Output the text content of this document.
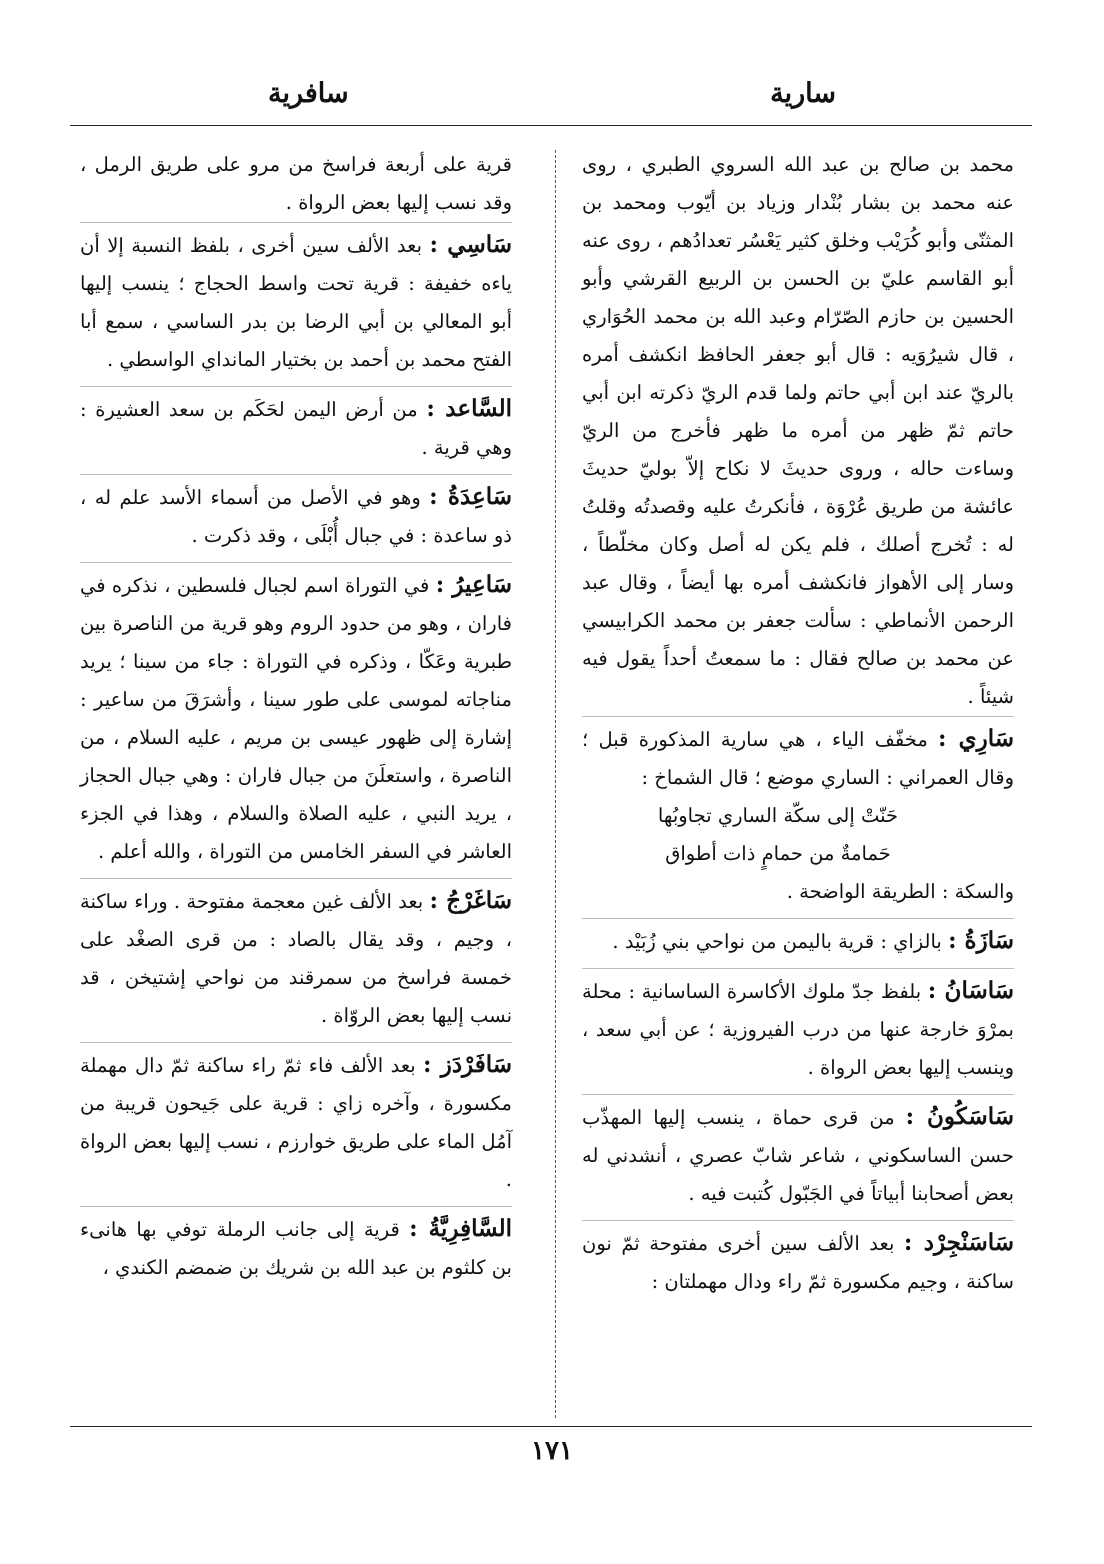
سارية
سافرية

محمد بن صالح بن عبد الله السروي الطبري ، روى عنه محمد بن بشار بُنْدار وزياد بن أيّوب ومحمد بن المثنّى وأبو كُرَيْب وخلق كثير يَعْسُر تعدادُهم ، روى عنه أبو القاسم عليّ بن الحسن بن الربيع القرشي وأبو الحسين بن حازم الصّرّام وعبد الله بن محمد الحُوَاري ، قال شيرُوَيه : قال أبو جعفر الحافظ انكشف أمره بالريّ عند ابن أبي حاتم ولما قدم الريّ ذكرته ابن أبي حاتم ثمّ ظهر من أمره ما ظهر فأخرج من الريّ وساءت حاله ، وروى حديثَ لا نكاح إلاّ بوليّ حديثَ عائشة من طريق عُرْوَة ، فأنكرتُ عليه وقصدتُه وقلتُ له : تُخرج أصلك ، فلم يكن له أصل وكان مخلّطاً ، وسار إلى الأهواز فانكشف أمره بها أيضاً ، وقال عبد الرحمن الأنماطي : سألت جعفر بن محمد الكرابيسي عن محمد بن صالح فقال : ما سمعتُ أحداً يقول فيه شيئاً .

سَارِي : مخفّف الياء ، هي سارية المذكورة قبل ؛ وقال العمراني : الساري موضع ؛ قال الشماخ :

حَنّتْ إلى سكّة الساري تجاوبُها

حَمامةٌ من حمامٍ ذات أطواق

والسكة : الطريقة الواضحة .

سَازَةُ : بالزاي : قرية باليمن من نواحي بني زُبَيْد .
سَاسَانُ : بلفظ جدّ ملوك الأكاسرة الساسانية : محلة بمرْوَ خارجة عنها من درب الفيروزية ؛ عن أبي سعد ، وينسب إليها بعض الرواة .
سَاسَكُونُ : من قرى حماة ، ينسب إليها المهذّب حسن الساسكوني ، شاعر شابّ عصري ، أنشدني له بعض أصحابنا أبياتاً في الجَبّول كُتبت فيه .
سَاسَنْجِرْد : بعد الألف سين أخرى مفتوحة ثمّ نون ساكنة ، وجيم مكسورة ثمّ راء ودال مهملتان :

قرية على أربعة فراسخ من مرو على طريق الرمل ، وقد نسب إليها بعض الرواة .

سَاسِي : بعد الألف سين أخرى ، بلفظ النسبة إلا أن ياءه خفيفة : قرية تحت واسط الحجاج ؛ ينسب إليها أبو المعالي بن أبي الرضا بن بدر الساسي ، سمع أبا الفتح محمد بن أحمد بن بختيار المانداي الواسطي .
السَّاعد : من أرض اليمن لحَكَم بن سعد العشيرة : وهي قرية .
سَاعِدَةُ : وهو في الأصل من أسماء الأسد علم له ، ذو ساعدة : في جبال أُبْلَى ، وقد ذكرت .
سَاعِيرُ : في التوراة اسم لجبال فلسطين ، نذكره في فاران ، وهو من حدود الروم وهو قرية من الناصرة بين طبرية وعَكّا ، وذكره في التوراة : جاء من سينا ؛ يريد مناجاته لموسى على طور سينا ، وأشرَقَ من ساعير : إشارة إلى ظهور عيسى بن مريم ، عليه السلام ، من الناصرة ، واستعلَنَ من جبال فاران : وهي جبال الحجاز ، يريد النبي ، عليه الصلاة والسلام ، وهذا في الجزء العاشر في السفر الخامس من التوراة ، والله أعلم .
سَاغَرْجُ : بعد الألف غين معجمة مفتوحة . وراء ساكنة ، وجيم ، وقد يقال بالصاد : من قرى الصغْد على خمسة فراسخ من سمرقند من نواحي إشتيخن ، قد نسب إليها بعض الروّاة .
سَافَرْدَز : بعد الألف فاء ثمّ راء ساكنة ثمّ دال مهملة مكسورة ، وآخره زاي : قرية على جَيحون قريبة من آمُل الماء على طريق خوارزم ، نسب إليها بعض الرواة .
السَّافِرِيَّةُ : قرية إلى جانب الرملة توفي بها هانىء بن كلثوم بن عبد الله بن شريك بن ضمضم الكندي ،
١٧١
